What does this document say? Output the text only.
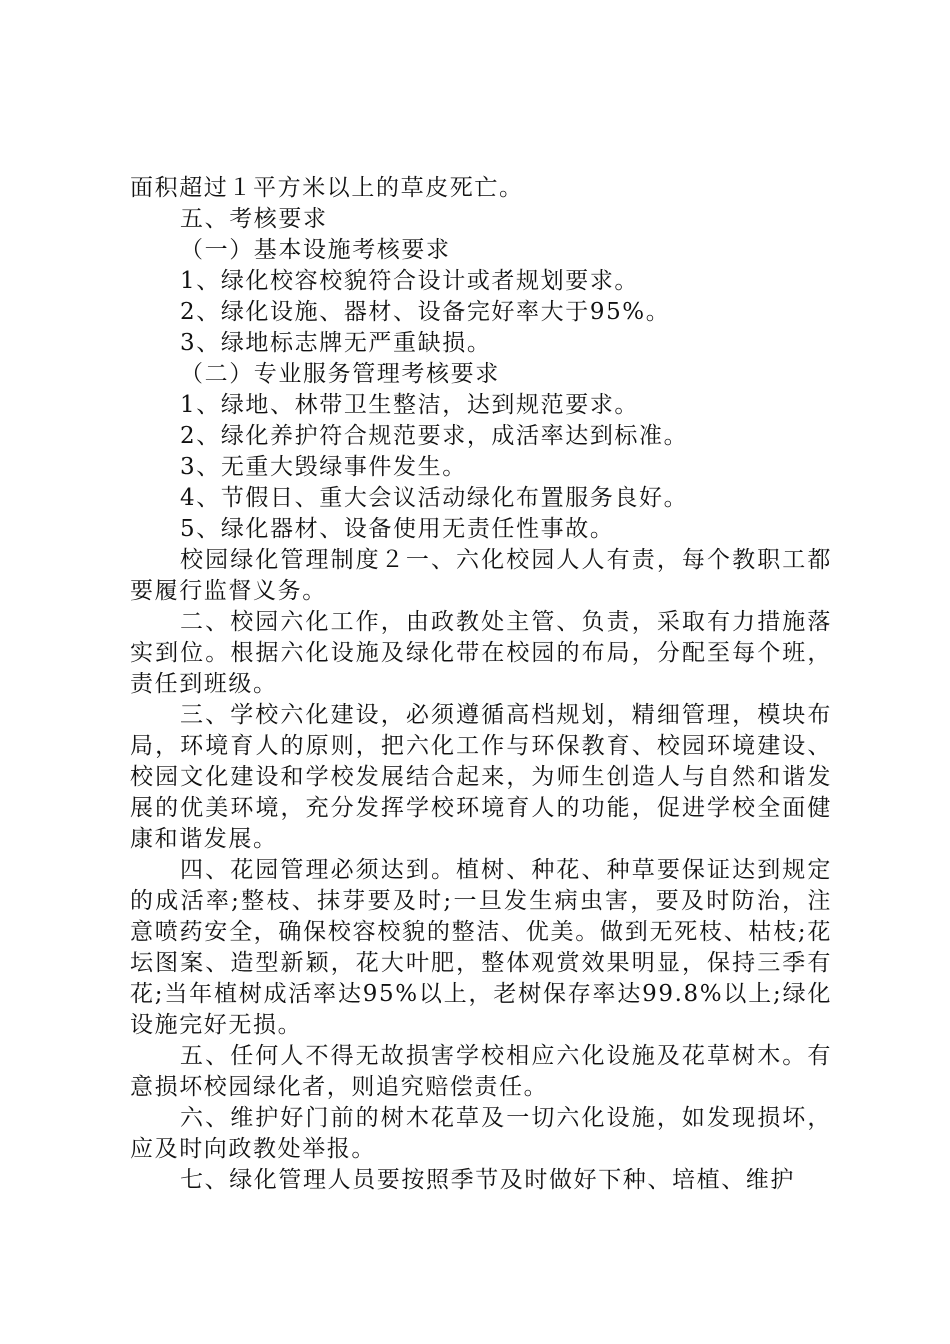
面积超过１平方米以上的草皮死亡。

五、考核要求

（一）基本设施考核要求

1、绿化校容校貌符合设计或者规划要求。

2、绿化设施、器材、设备完好率大于95%。

3、绿地标志牌无严重缺损。

（二）专业服务管理考核要求

1、绿地、林带卫生整洁，达到规范要求。

2、绿化养护符合规范要求，成活率达到标准。

3、无重大毁绿事件发生。

4、节假日、重大会议活动绿化布置服务良好。

5、绿化器材、设备使用无责任性事故。

校园绿化管理制度２一、六化校园人人有责，每个教职工都要履行监督义务。

二、校园六化工作，由政教处主管、负责，采取有力措施落实到位。根据六化设施及绿化带在校园的布局，分配至每个班，责任到班级。

三、学校六化建设，必须遵循高档规划，精细管理，模块布局，环境育人的原则，把六化工作与环保教育、校园环境建设、校园文化建设和学校发展结合起来，为师生创造人与自然和谐发展的优美环境，充分发挥学校环境育人的功能，促进学校全面健康和谐发展。

四、花园管理必须达到。植树、种花、种草要保证达到规定的成活率;整枝、抹芽要及时;一旦发生病虫害，要及时防治，注意喷药安全，确保校容校貌的整洁、优美。做到无死枝、枯枝;花坛图案、造型新颖，花大叶肥，整体观赏效果明显，保持三季有花;当年植树成活率达95%以上，老树保存率达99.8%以上;绿化设施完好无损。

五、任何人不得无故损害学校相应六化设施及花草树木。有意损坏校园绿化者，则追究赔偿责任。

六、维护好门前的树木花草及一切六化设施，如发现损坏，应及时向政教处举报。

七、绿化管理人员要按照季节及时做好下种、培植、维护
